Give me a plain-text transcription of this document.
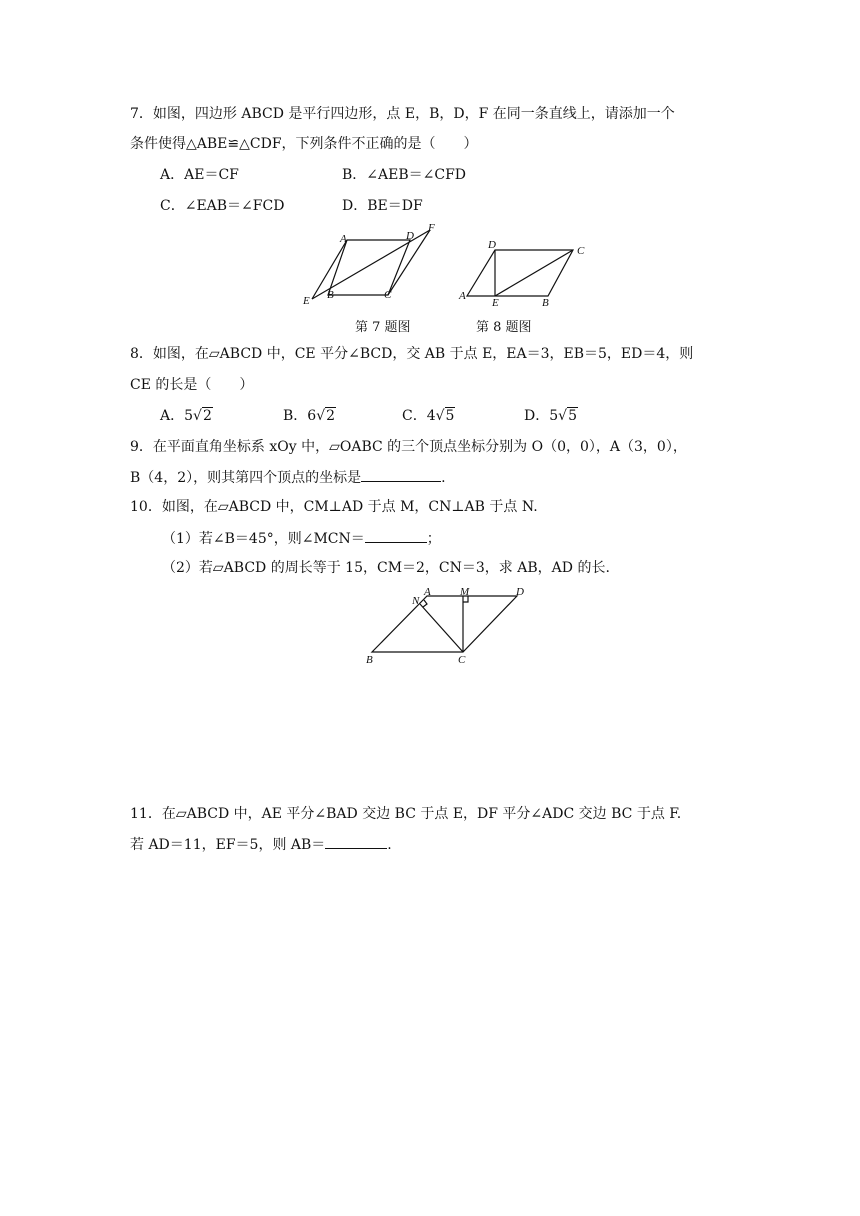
7．如图，四边形 ABCD 是平行四边形，点 E，B，D，F 在同一条直线上，请添加一个
条件使得△ABE≌△CDF，下列条件不正确的是（　　）
A．AE＝CF	B．∠AEB＝∠CFD
C．∠EAB＝∠FCD	D．BE＝DF
A	D
F
E B	C
D	C
A
E	B
第 7 题图	第 8 题图
8．如图，在▱ABCD 中，CE 平分∠BCD，交 AB 于点 E，EA＝3，EB＝5，ED＝4，则
CE 的长是（　　）
A．5√2	B．6√2	C．4√5	D．5√5
9．在平面直角坐标系 xOy 中，▱OABC 的三个顶点坐标分别为 O（0，0），A（3，0），
B（4，2），则其第四个顶点的坐标是	.
10．如图，在▱ABCD 中，CM⊥AD 于点 M，CN⊥AB 于点 N.
（1）若∠B＝45°，则∠MCN＝	；
（2）若▱ABCD 的周长等于 15，CM＝2，CN＝3，求 AB，AD 的长.
N
A	M	D
B	C
11．在▱ABCD 中，AE 平分∠BAD 交边 BC 于点 E，DF 平分∠ADC 交边 BC 于点 F.
若 AD＝11，EF＝5，则 AB＝	.
